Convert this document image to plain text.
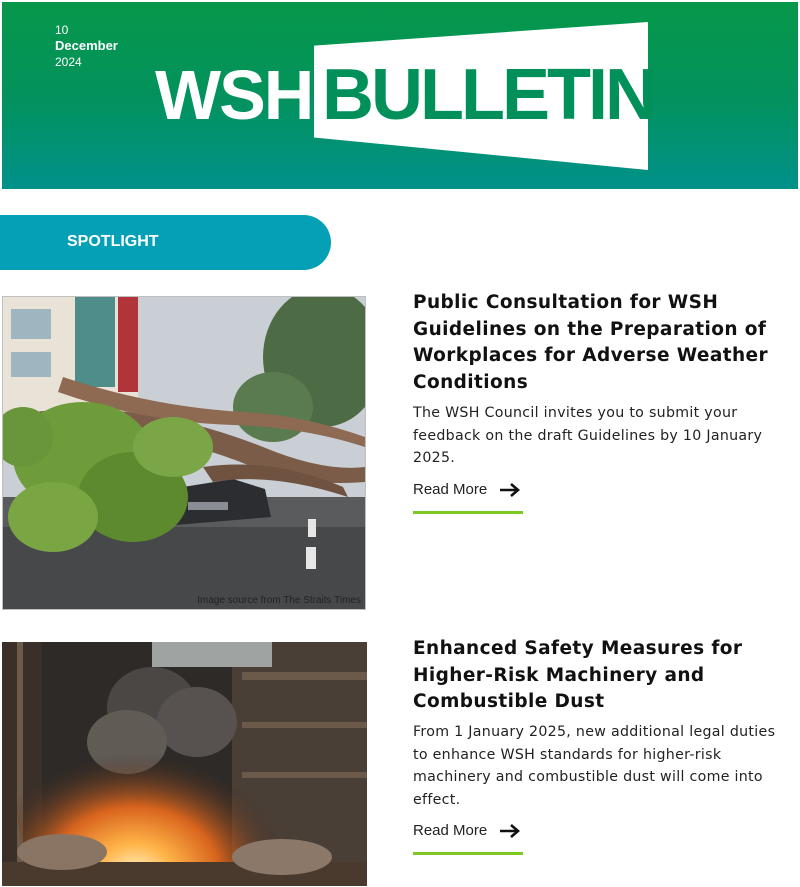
10
December
2024	WSH BULLETIN
SPOTLIGHT
Image source from The Straits Times
Public Consultation for WSH Guidelines on the Preparation of Workplaces for Adverse Weather Conditions
The WSH Council invites you to submit your feedback on the draft Guidelines by 10 January 2025.
Read More
Enhanced Safety Measures for Higher-Risk Machinery and Combustible Dust
From 1 January 2025, new additional legal duties to enhance WSH standards for higher-risk machinery and combustible dust will come into effect.
Read More
